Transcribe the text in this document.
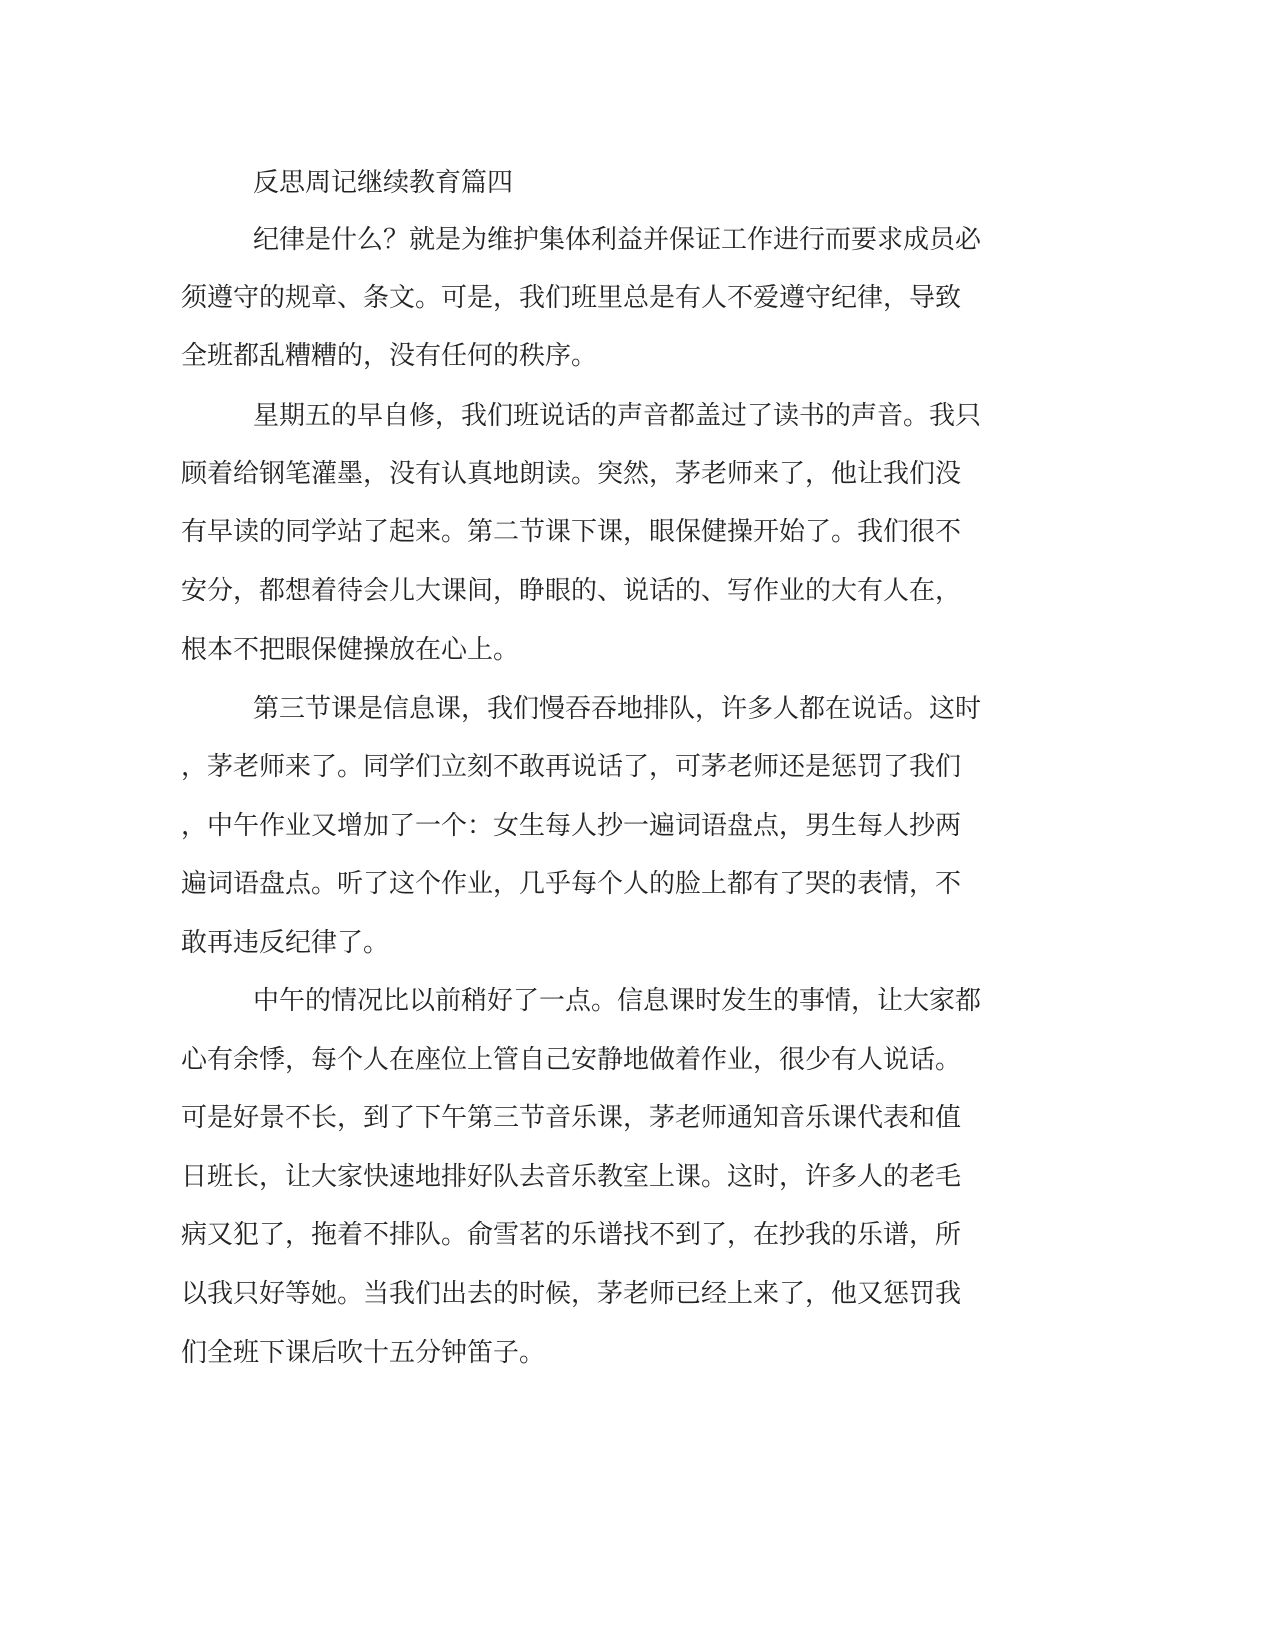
反思周记继续教育篇四
纪律是什么？就是为维护集体利益并保证工作进行而要求成员必
须遵守的规章、条文。可是，我们班里总是有人不爱遵守纪律，导致
全班都乱糟糟的，没有任何的秩序。
星期五的早自修，我们班说话的声音都盖过了读书的声音。我只
顾着给钢笔灌墨，没有认真地朗读。突然，茅老师来了，他让我们没
有早读的同学站了起来。第二节课下课，眼保健操开始了。我们很不
安分，都想着待会儿大课间，睁眼的、说话的、写作业的大有人在，
根本不把眼保健操放在心上。
第三节课是信息课，我们慢吞吞地排队，许多人都在说话。这时
，茅老师来了。同学们立刻不敢再说话了，可茅老师还是惩罚了我们
，中午作业又增加了一个：女生每人抄一遍词语盘点，男生每人抄两
遍词语盘点。听了这个作业，几乎每个人的脸上都有了哭的表情，不
敢再违反纪律了。
中午的情况比以前稍好了一点。信息课时发生的事情，让大家都
心有余悸，每个人在座位上管自己安静地做着作业，很少有人说话。
可是好景不长，到了下午第三节音乐课，茅老师通知音乐课代表和值
日班长，让大家快速地排好队去音乐教室上课。这时，许多人的老毛
病又犯了，拖着不排队。俞雪茗的乐谱找不到了，在抄我的乐谱，所
以我只好等她。当我们出去的时候，茅老师已经上来了，他又惩罚我
们全班下课后吹十五分钟笛子。
